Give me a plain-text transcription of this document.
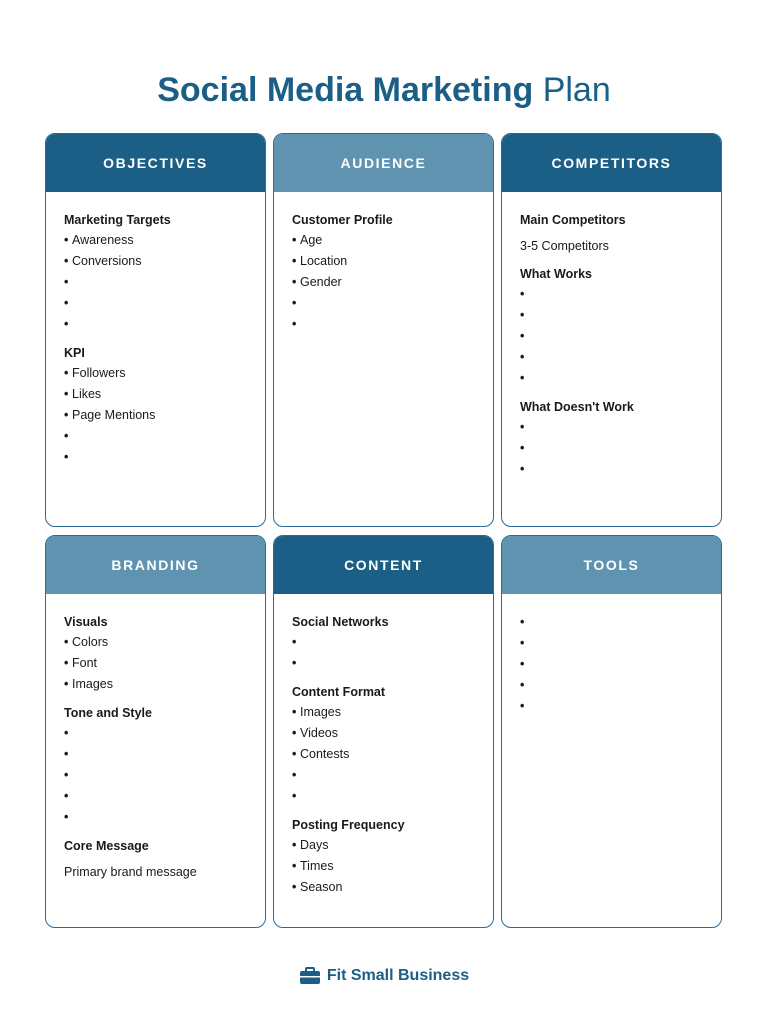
Social Media Marketing Plan
OBJECTIVES
Marketing Targets
• Awareness
• Conversions
•
•
•
KPI
• Followers
• Likes
• Page Mentions
•
•
AUDIENCE
Customer Profile
• Age
• Location
• Gender
•
•
COMPETITORS
Main Competitors
3-5 Competitors
What Works
•
•
•
•
•
What Doesn't Work
•
•
•
BRANDING
Visuals
• Colors
• Font
• Images
Tone and Style
•
•
•
•
•
Core Message
Primary brand message
CONTENT
Social Networks
•
•
Content Format
• Images
• Videos
• Contests
•
•
Posting Frequency
• Days
• Times
• Season
TOOLS
•
•
•
•
•
Fit Small Business
